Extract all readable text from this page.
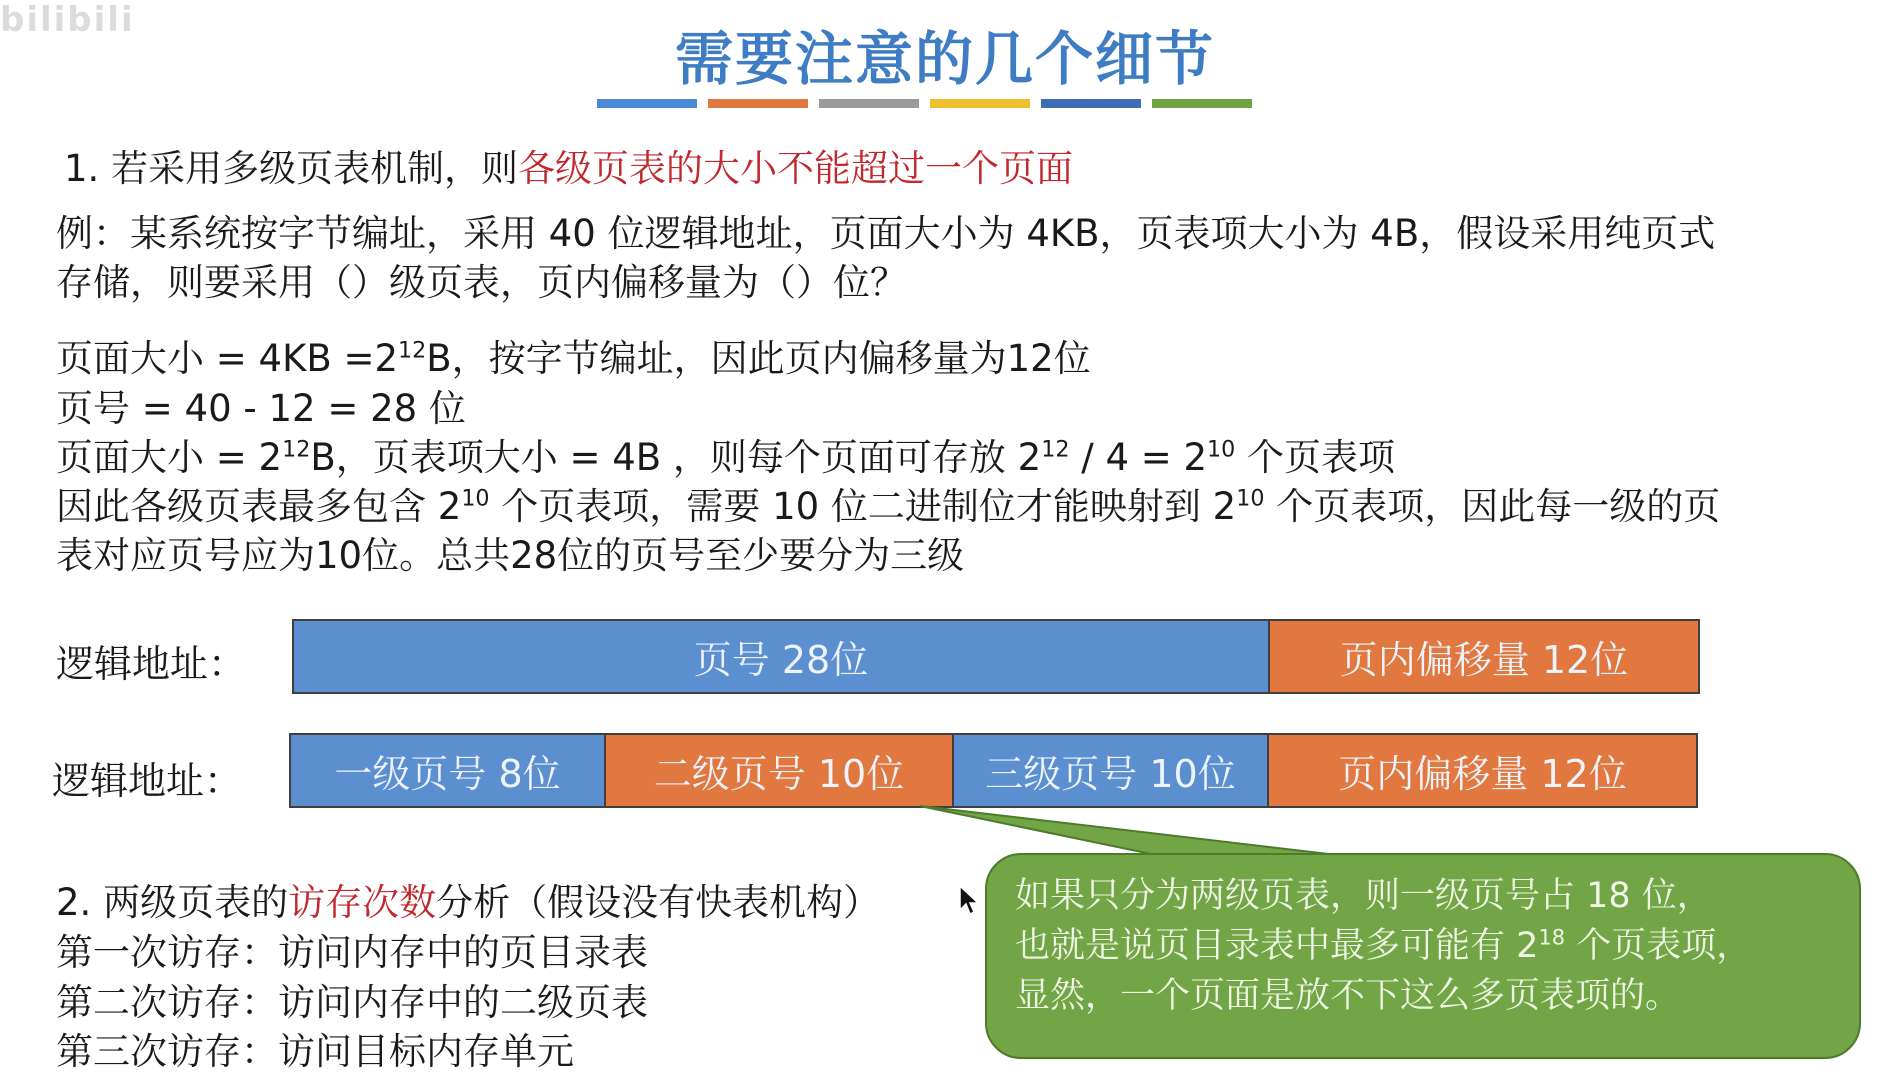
bilibili
需要注意的几个细节
1. 若采用多级页表机制，则各级页表的大小不能超过一个页面
例：某系统按字节编址，采用 40 位逻辑地址，页面大小为 4KB，页表项大小为 4B，假设采用纯页式
存储，则要采用（）级页表，页内偏移量为（）位？
页面大小 = $4KB =2^{12}B$，按字节编址，因此页内偏移量为12位
页号 = 40 - 12 = 28 位
页面大小 = $2^{12}B$，页表项大小 = 4B ，则每个页面可存放 $2^{12} / 4 = 2^{10}$ 个页表项
因此各级页表最多包含 $2^{10}$ 个页表项，需要 10 位二进制位才能映射到 $2^{10}$ 个页表项，因此每一级的页
表对应页号应为10位。总共28位的页号至少要分为三级
逻辑地址：	页号 28位	页内偏移量 12位
逻辑地址：	一级页号 8位	二级页号 10位	三级页号 10位	页内偏移量 12位
2. 两级页表的访存次数分析（假设没有快表机构）
第一次访存：访问内存中的页目录表
第二次访存：访问内存中的二级页表
第三次访存：访问目标内存单元
如果只分为两级页表，则一级页号占 18 位，
也就是说页目录表中最多可能有 $2^{18}$ 个页表项，
显然，一个页面是放不下这么多页表项的。
